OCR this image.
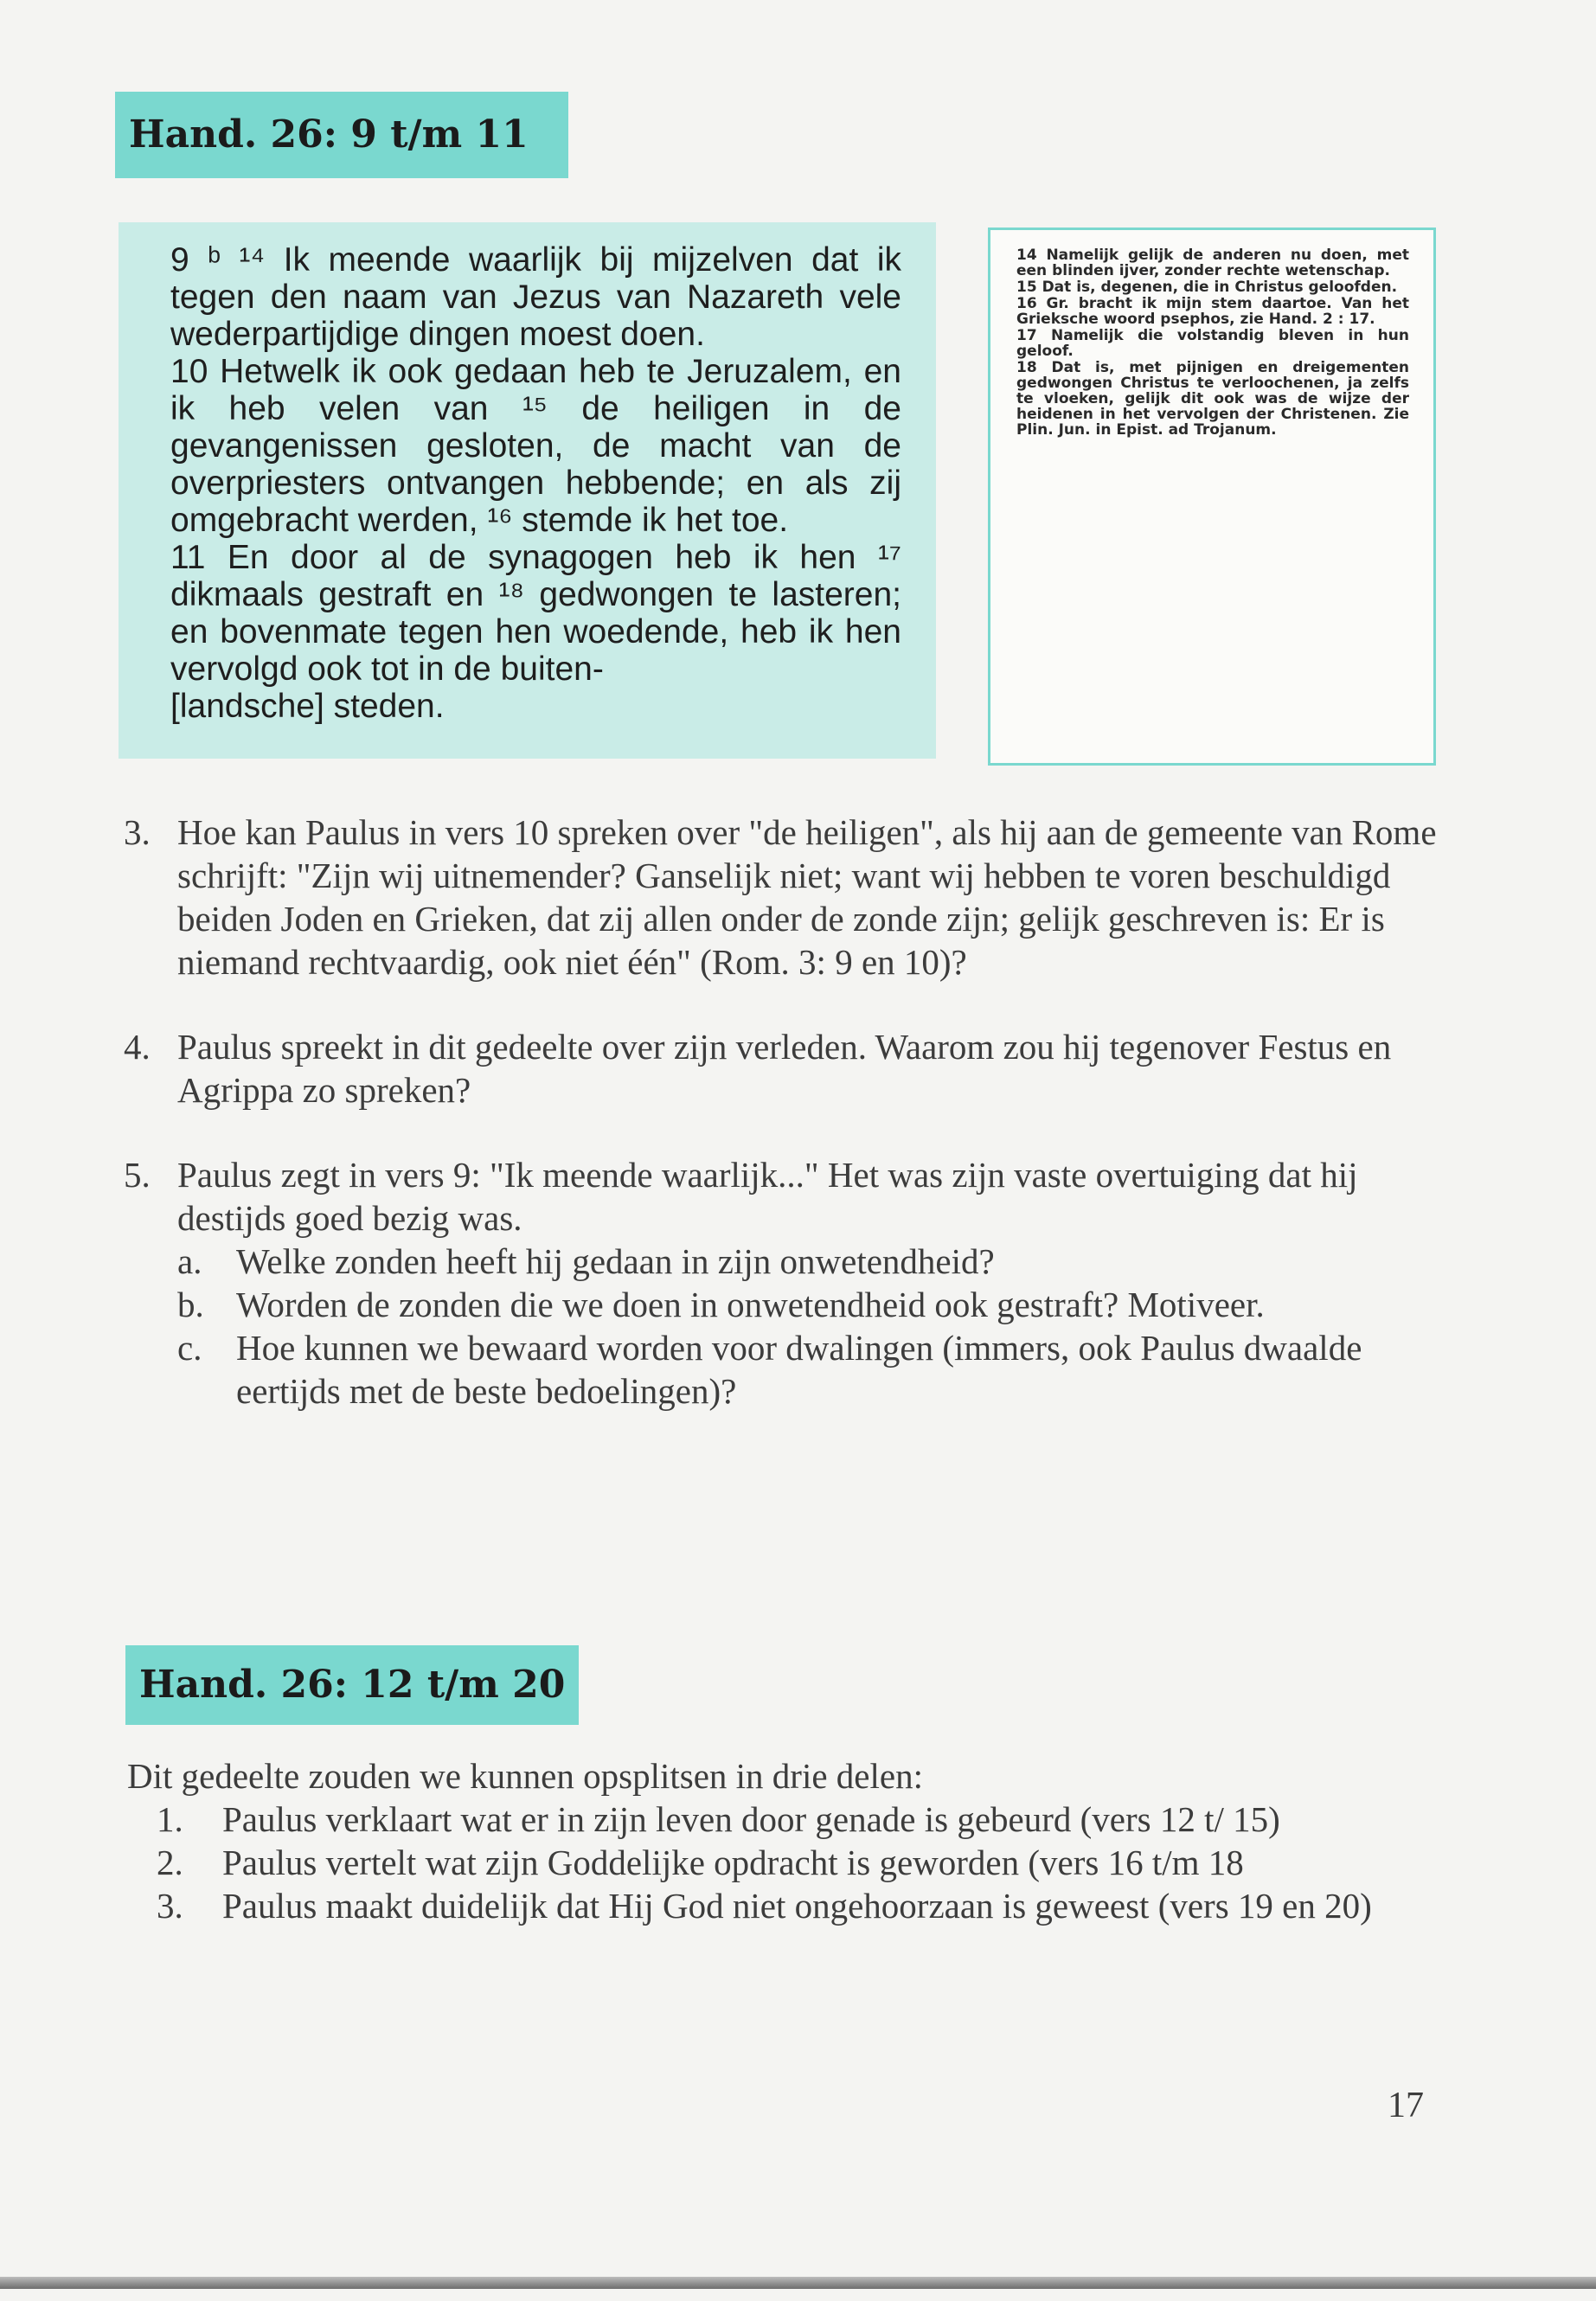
Hand. 26: 9 t/m 11

9 ᵇ ¹⁴ Ik meende waarlijk bij mijzelven dat ik tegen den naam van Jezus van Nazareth vele wederpartijdige dingen moest doen.

10 Hetwelk ik ook gedaan heb te Jeruzalem, en ik heb velen van ¹⁵ de heiligen in de gevangenissen gesloten, de macht van de overpriesters ontvangen hebbende; en als zij omgebracht werden, ¹⁶ stemde ik het toe.

11 En door al de synagogen heb ik hen ¹⁷ dikmaals gestraft en ¹⁸ gedwongen te lasteren; en bovenmate tegen hen woedende, heb ik hen vervolgd ook tot in de buiten-

[landsche] steden.

14 Namelijk gelijk de anderen nu doen, met een blinden ijver, zonder rechte wetenschap.

15 Dat is, degenen, die in Christus geloofden.

16 Gr. bracht ik mijn stem daartoe. Van het Grieksche woord psephos, zie Hand. 2 : 17.

17 Namelijk die volstandig bleven in hun geloof.

18 Dat is, met pijnigen en dreigementen gedwongen Christus te verloochenen, ja zelfs te vloeken, gelijk dit ook was de wijze der heidenen in het vervolgen der Christenen. Zie Plin. Jun. in Epist. ad Trojanum.

3. Hoe kan Paulus in vers 10 spreken over "de heiligen", als hij aan de gemeente van Rome schrijft: "Zijn wij uitnemender? Ganselijk niet; want wij hebben te voren beschuldigd beiden Joden en Grieken, dat zij allen onder de zonde zijn; gelijk geschreven is: Er is niemand rechtvaardig, ook niet één" (Rom. 3: 9 en 10)?
4. Paulus spreekt in dit gedeelte over zijn verleden. Waarom zou hij tegenover Festus en Agrippa zo spreken?
5. Paulus zegt in vers 9: "Ik meende waarlijk..." Het was zijn vaste overtuiging dat hij destijds goed bezig was.
a. Welke zonden heeft hij gedaan in zijn onwetendheid?
b. Worden de zonden die we doen in onwetendheid ook gestraft? Motiveer.
c. Hoe kunnen we bewaard worden voor dwalingen (immers, ook Paulus dwaalde eertijds met de beste bedoelingen)?
Hand. 26: 12 t/m 20

Dit gedeelte zouden we kunnen opsplitsen in drie delen:

1. Paulus verklaart wat er in zijn leven door genade is gebeurd (vers 12 t/ 15)
2. Paulus vertelt wat zijn Goddelijke opdracht is geworden (vers 16 t/m 18
3. Paulus maakt duidelijk dat Hij God niet ongehoorzaan is geweest (vers 19 en 20)
17
